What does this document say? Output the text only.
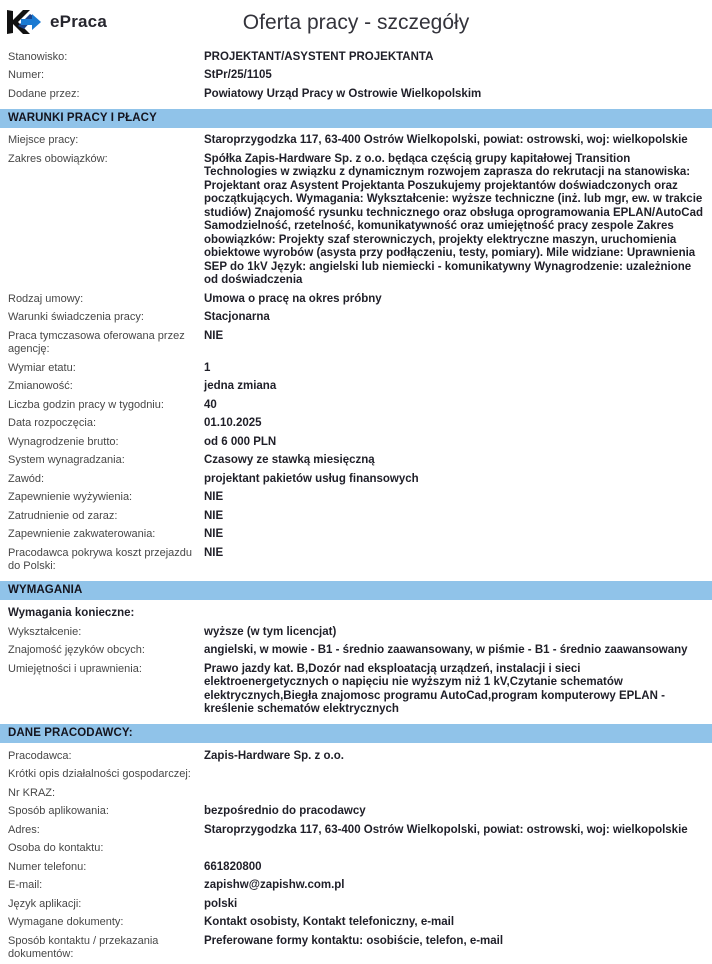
ePraca	Oferta pracy - szczegóły
Stanowisko:	PROJEKTANT/ASYSTENT PROJEKTANTA
Numer:	StPr/25/1105
Dodane przez:	Powiatowy Urząd Pracy w Ostrowie Wielkopolskim
WARUNKI PRACY I PŁACY
Miejsce pracy:	Staroprzygodzka 117, 63-400 Ostrów Wielkopolski, powiat: ostrowski, woj: wielkopolskie
Zakres obowiązków:	Spółka Zapis-Hardware Sp. z o.o. będąca częścią grupy kapitałowej Transition Technologies w związku z dynamicznym rozwojem zaprasza do rekrutacji na stanowiska: Projektant oraz Asystent Projektanta Poszukujemy projektantów doświadczonych oraz początkujących. Wymagania: Wykształcenie: wyższe techniczne (inż. lub mgr, ew. w trakcie studiów) Znajomość rysunku technicznego oraz obsługa oprogramowania EPLAN/AutoCad Samodzielność, rzetelność, komunikatywność oraz umiejętność pracy zespole Zakres obowiązków: Projekty szaf sterowniczych, projekty elektryczne maszyn, uruchomienia obiektowe wyrobów (asysta przy podłączeniu, testy, pomiary). Mile widziane: Uprawnienia SEP do 1kV Język: angielski lub niemiecki - komunikatywny Wynagrodzenie: uzależnione od doświadczenia
Rodzaj umowy:	Umowa o pracę na okres próbny
Warunki świadczenia pracy:	Stacjonarna
Praca tymczasowa oferowana przez agencję:
NIE
Wymiar etatu:	1
Zmianowość:	jedna zmiana
Liczba godzin pracy w tygodniu:	40
Data rozpoczęcia:	01.10.2025
Wynagrodzenie brutto:	od 6 000 PLN
System wynagradzania:	Czasowy ze stawką miesięczną
Zawód:	projektant pakietów usług finansowych
Zapewnienie wyżywienia:	NIE
Zatrudnienie od zaraz:	NIE
Zapewnienie zakwaterowania:	NIE
Pracodawca pokrywa koszt przejazdu do Polski:
NIE
WYMAGANIA
Wymagania konieczne:
Wykształcenie:	wyższe (w tym licencjat)
Znajomość języków obcych:	angielski, w mowie - B1 - średnio zaawansowany, w piśmie - B1 - średnio zaawansowany
Umiejętności i uprawnienia:	Prawo jazdy kat. B,Dozór nad eksploatacją urządzeń, instalacji i sieci elektroenergetycznych o napięciu nie wyższym niż 1 kV,Czytanie schematów elektrycznych,Biegła znajomosc programu AutoCad,program komputerowy EPLAN - kreślenie schematów elektrycznych
DANE PRACODAWCY:
Pracodawca:	Zapis-Hardware Sp. z o.o.
Krótki opis działalności gospodarczej:
Nr KRAZ:
Sposób aplikowania:	bezpośrednio do pracodawcy
Adres:	Staroprzygodzka 117, 63-400 Ostrów Wielkopolski, powiat: ostrowski, woj: wielkopolskie
Osoba do kontaktu:
Numer telefonu:	661820800
E-mail:	zapishw@zapishw.com.pl
Język aplikacji:	polski
Wymagane dokumenty:	Kontakt osobisty, Kontakt telefoniczny, e-mail
Sposób kontaktu / przekazania dokumentów:
Preferowane formy kontaktu: osobiście, telefon, e-mail
